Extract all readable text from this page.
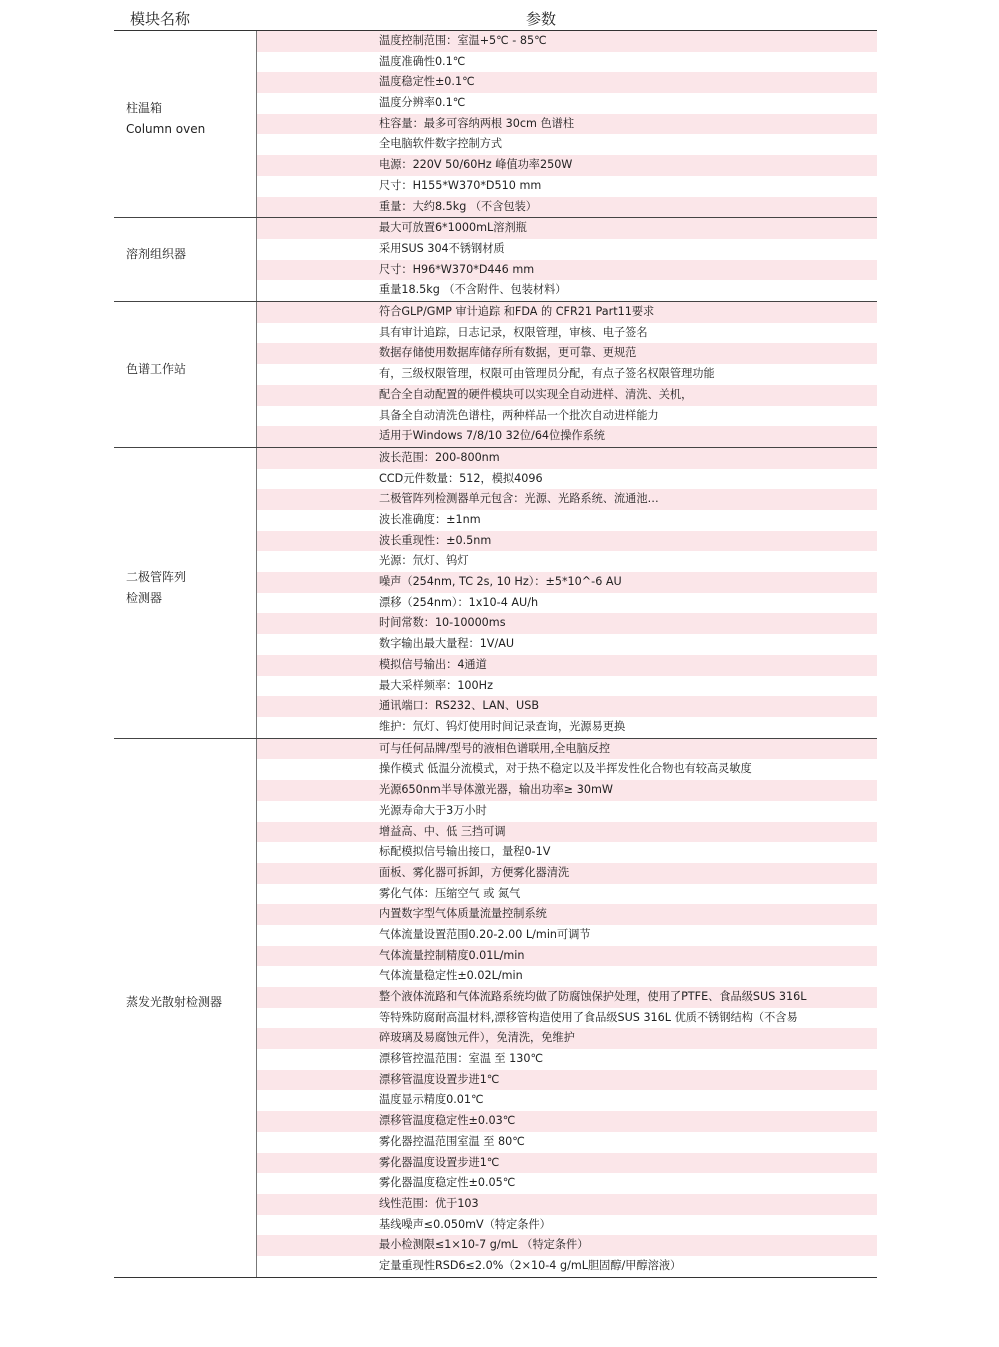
模块名称	参数
柱温箱
Column oven
温度控制范围：室温+5℃ - 85℃
温度准确性0.1℃
温度稳定性±0.1℃
温度分辨率0.1℃
柱容量：最多可容纳两根 30cm 色谱柱
全电脑软件数字控制方式
电源：220V 50/60Hz 峰值功率250W
尺寸：H155*W370*D510 mm
重量：大约8.5kg （不含包装）
溶剂组织器
最大可放置6*1000mL溶剂瓶
采用SUS 304不锈钢材质
尺寸：H96*W370*D446 mm
重量18.5kg （不含附件、包装材料）
色谱工作站
符合GLP/GMP 审计追踪 和FDA 的 CFR21 Part11要求
具有审计追踪，日志记录，权限管理，审核、电子签名
数据存储使用数据库储存所有数据，更可靠、更规范
有，三级权限管理，权限可由管理员分配，有点子签名权限管理功能
配合全自动配置的硬件模块可以实现全自动进样、清洗、关机，
具备全自动清洗色谱柱，两种样品一个批次自动进样能力
适用于Windows 7/8/10 32位/64位操作系统
二极管阵列
检测器
波长范围：200-800nm
CCD元件数量：512，模拟4096
二极管阵列检测器单元包含：光源、光路系统、流通池…
波长准确度：±1nm
波长重现性：±0.5nm
光源：氘灯、钨灯
噪声（254nm, TC 2s, 10 Hz）：±5*10^-6 AU
漂移（254nm）：1x10-4 AU/h
时间常数：10-10000ms
数字输出最大量程：1V/AU
模拟信号输出：4通道
最大采样频率：100Hz
通讯端口：RS232、LAN、USB
维护：氘灯、钨灯使用时间记录查询，光源易更换
蒸发光散射检测器
可与任何品牌/型号的液相色谱联用,全电脑反控
操作模式 低温分流模式，对于热不稳定以及半挥发性化合物也有较高灵敏度
光源650nm半导体激光器，输出功率≥ 30mW
光源寿命大于3万小时
增益高、中、低 三挡可调
标配模拟信号输出接口，量程0-1V
面板、雾化器可拆卸，方便雾化器清洗
雾化气体：压缩空气 或 氮气
内置数字型气体质量流量控制系统
气体流量设置范围0.20-2.00 L/min可调节
气体流量控制精度0.01L/min
气体流量稳定性±0.02L/min
整个液体流路和气体流路系统均做了防腐蚀保护处理，使用了PTFE、食品级SUS 316L
等特殊防腐耐高温材料,漂移管构造使用了食品级SUS 316L 优质不锈钢结构（不含易
碎玻璃及易腐蚀元件），免清洗，免维护
漂移管控温范围：室温 至 130℃
漂移管温度设置步进1℃
温度显示精度0.01℃
漂移管温度稳定性±0.03℃
雾化器控温范围室温 至 80℃
雾化器温度设置步进1℃
雾化器温度稳定性±0.05℃
线性范围：优于103
基线噪声≤0.050mV（特定条件）
最小检测限≤1×10-7 g/mL （特定条件）
定量重现性RSD6≤2.0%（2×10-4 g/mL胆固醇/甲醇溶液）
